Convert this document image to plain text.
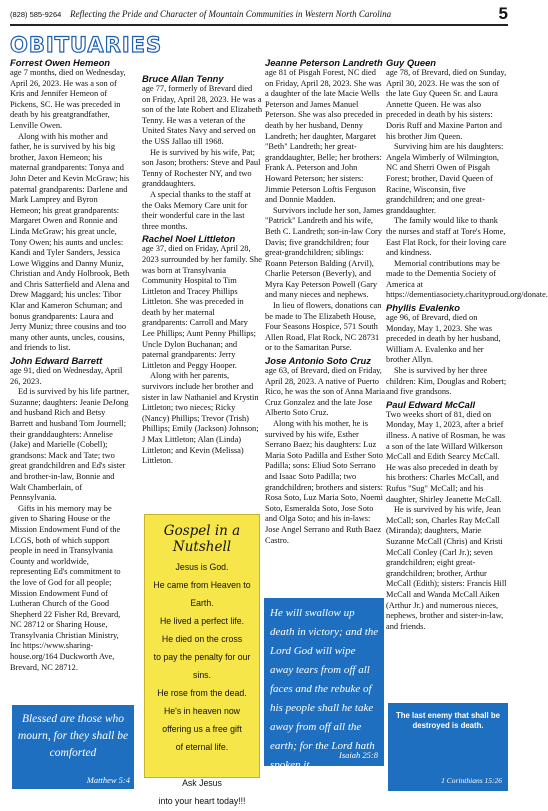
(828) 585-9264 Reflecting the Pride and Character of Mountain Communities in Western North Carolina	5
OBITUARIES
Forrest Owen Hemeon

age 7 months, died on Wednesday, April 26, 2023. He was a son of Kris and Jennifer Hemeon of Pickens, SC. He was preceded in death by his greatgrandfather, Lenville Owen.

Along with his mother and father, he is survived by his big brother, Jaxon Hemeon; his maternal grandparents: Tonya and John Deter and Kevin McGraw; his paternal grandparents: Darlene and Mark Lamprey and Byron Hemeon; his great grandparents: Margaret Owen and Ronnie and Linda McGraw; his great uncle, Tony Owen; his aunts and uncles: Kandi and Tyler Sanders, Jessica Lowe Wiggins and Danny Muniz, Christian and Andy Holbrook, Beth and Chris Satterfield and Alena and Drew Maggard; his uncles: Tibor Klar and Kameron Schuman; and bonus grandparents: Laura and Jerry Muniz; three cousins and too many other aunts, uncles, cousins, and friends to list.

John Edward Barrett

age 91, died on Wednesday, April 26, 2023.

Ed is survived by his life partner, Suzanne; daughters: Jeanie DeJong and husband Rich and Betsy Barrett and husband Tom Journell; their granddaughters: Annelise (Jake) and Marielle (Cobell); grandsons: Mack and Tate; two great grandchildren and Ed's sister and brother-in-law, Bonnie and Walt Chamberlain, of Pennsylvania.

Gifts in his memory may be given to Sharing House or the Mission Endowment Fund of the LCGS, both of which support people in need in Transylvania County and worldwide, representing Ed's commitment to the love of God for all people; Mission Endowment Fund of Lutheran Church of the Good Shepherd 22 Fisher Rd, Brevard, NC 28712 or Sharing House, Transylvania Christian Ministry, Inc https://www.sharing-house.org/164 Duckworth Ave, Brevard, NC 28712.

Bruce Allan Tenny

age 77, formerly of Brevard died on Friday, April 28, 2023. He was a son of the late Robert and Elizabeth Tenny. He was a veteran of the United States Navy and served on the USS Jallao till 1968.

He is survived by his wife, Pat; son Jason; brothers: Steve and Paul Tenny of Rochester NY, and two granddaughters.

A special thanks to the staff at the Oaks Memory Care unit for their wonderful care in the last three months.

Rachel Noel Littleton

age 37, died on Friday, April 28, 2023 surrounded by her family. She was born at Transylvania Community Hospital to Tim Littleton and Tracey Phillips Littleton. She was preceded in death by her maternal grandparents: Carroll and Mary Lee Phillips; Aunt Penny Phillips; Uncle Dylon Buchanan; and paternal grandparents: Jerry Littleton and Peggy Hooper.

Along with her parents, survivors include her brother and sister in law Nathaniel and Krystin Littleton; two nieces; Ricky (Nancy) Phillips; Trevor (Trish) Phillips; Emily (Jackson) Johnson; J Max Littleton; Alan (Linda) Littleton; and Kevin (Melissa) Littleton.

Jeanne Peterson Landreth

age 81 of Pisgah Forest, NC died on Friday, April 28, 2023. She was a daughter of the late Macie Wells Peterson and James Manuel Peterson. She was also preceded in death by her husband, Denny Landreth; her daughter, Margaret "Beth" Landreth; her great-granddaughter, Belle; her brothers: Frank A. Peterson and John Howard Peterson; her sisters: Jimmie Peterson Loftis Ferguson and Donnie Madden.

Survivors include her son, James "Patrick" Landreth and his wife, Beth C. Landreth; son-in-law Cory Davis; five grandchildren; four great-grandchildren; siblings: Roann Peterson Balding (Arvil), Charlie Peterson (Beverly), and Myra Kay Peterson Powell (Gary and many nieces and nephews.

In lieu of flowers, donations can be made to The Elizabeth House, Four Seasons Hospice, 571 South Allen Road, Flat Rock, NC 28731 or to the Samaritan Purse.

Jose Antonio Soto Cruz

age 63, of Brevard, died on Friday, April 28, 2023. A native of Puerto Rico, he was the son of Anna Maria Cruz Gonzalez and the late Jose Alberto Soto Cruz.

Along with his mother, he is survived by his wife, Esther Serrano Baez; his daughters: Luz Maria Soto Padilla and Esther Soto Padilla; sons: Eliud Soto Serrano and Isaac Soto Padilla; two grandchildren; brothers and sisters: Rosa Soto, Luz Maria Soto, Noemi Soto, Esmeralda Soto, Jose Soto and Olga Soto; and his in-laws: Jose Angel Serrano and Ruth Baez Castro.

Guy Queen

age 78, of Brevard, died on Sunday, April 30, 2023. He was the son of the late Guy Queen Sr. and Laura Annette Queen. He was also preceded in death by his sisters: Doris Ruff and Maxine Parton and his brother Jim Queen.

Surviving him are his daughters: Angela Wimberly of Wilmington, NC and Sherri Owen of Pisgah Forest; brother, David Queen of Racine, Wisconsin, five grandchildren; and one great-granddaughter.

The family would like to thank the nurses and staff at Tore's Home, East Flat Rock, for their loving care and kindness.

Memorial contributions may be made to the Dementia Society of America at https://dementiasociety.charityproud.org/donate.

Phyllis Evalenko

age 96, of Brevard, died on Monday, May 1, 2023. She was preceded in death by her husband, William A. Evalenko and her brother Allyn.

She is survived by her three children: Kim, Douglas and Robert; and five grandsons.

Paul Edward McCall

Two weeks short of 81, died on Monday, May 1, 2023, after a brief illness. A native of Rosman, he was a son of the late Willard Wilkerson McCall and Edith Searcy McCall. He was also preceded in death by his brothers: Charles McCall, and Rufus "Sug" McCall; and his daughter, Shirley Jeanette McCall.

He is survived by his wife, Jean McCall; son, Charles Ray McCall (Miranda); daughters, Marie Suzanne McCall (Chris) and Kristi McCall Conley (Carl Jr.); seven grandchildren; eight great-grandchildren; brother, Arthur McCall (Edith); sisters: Francis Hill McCall and Wanda McCall Aiken (Arthur Jr.) and numerous nieces, nephews, brother and sister-in-law, and friends.

Gospel in a Nutshell
Jesus is God.
He came from Heaven to Earth.
He lived a perfect life.
He died on the cross
to pay the penalty for our sins.
He rose from the dead.
He's in heaven now
offering us a free gift
of eternal life.

Ask Jesus
into your heart today!!!
Blessed are those who mourn, for they shall be comforted
Matthew 5:4
He will swallow up death in victory; and the Lord God will wipe away tears from off all faces and the rebuke of his people shall he take away from off all the earth; for the Lord hath spoken it.
Isaiah 25:8
The last enemy that shall be destroyed is death.
1 Corinthians 15:26
